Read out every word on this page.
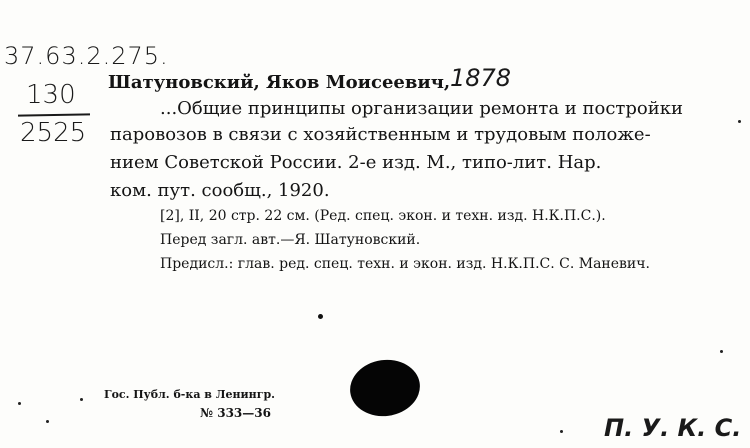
37.63.2.275.
130
2525
Шатуновский, Яков Моисеевич, 1878
...Общие принципы организации ремонта и постройки
паровозов в связи с хозяйственным и трудовым положе-
нием Советской России. 2-е изд. М., типо-лит. Нар.
ком. пут. сообщ., 1920.
[2], II, 20 стр. 22 см. (Ред. спец. экон. и техн. изд. Н.К.П.С.).
Перед загл. авт.—Я. Шатуновский.
Предисл.: глав. ред. спец. техн. и экон. изд. Н.К.П.С. С. Маневич.
Гос. Публ. б-ка в Ленингр.
№ 333—36
П. У. К. С.
